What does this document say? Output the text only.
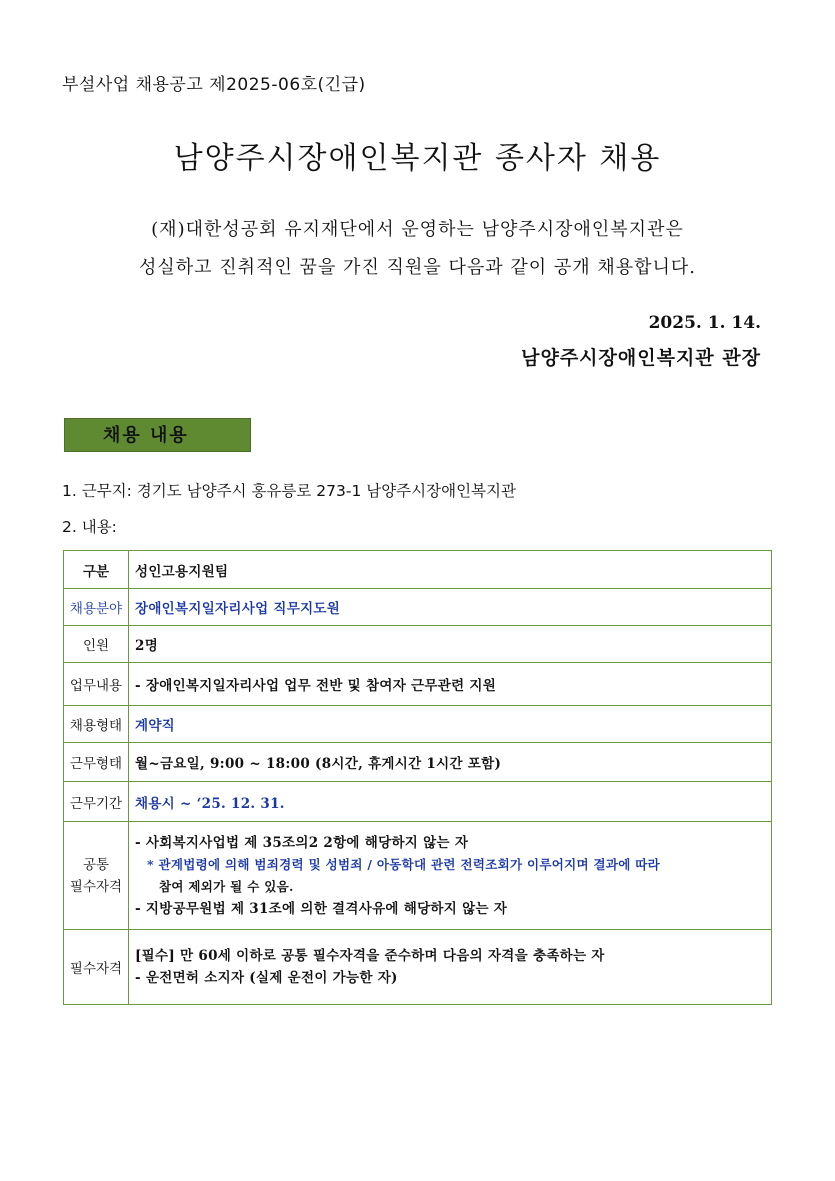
부설사업 채용공고 제2025-06호(긴급)
남양주시장애인복지관 종사자 채용
(재)대한성공회 유지재단에서 운영하는 남양주시장애인복지관은
성실하고 진취적인 꿈을 가진 직원을 다음과 같이 공개 채용합니다.
2025. 1. 14.
남양주시장애인복지관 관장
채용 내용
1. 근무지: 경기도 남양주시 홍유릉로 273-1 남양주시장애인복지관
2. 내용:
구분	성인고용지원팀
채용분야	장애인복지일자리사업 직무지도원
인원	2명
업무내용	- 장애인복지일자리사업 업무 전반 및 참여자 근무관련 지원
채용형태	계약직
근무형태	월~금요일, 9:00 ~ 18:00 (8시간, 휴게시간 1시간 포함)
근무기간	채용시 ~ ‘25. 12. 31.

공통
필수자격	- 사회복지사업법 제 35조의2 2항에 해당하지 않는 자
* 관계법령에 의해 범죄경력 및 성범죄 / 아동학대 관련 전력조회가 이루어지며 결과에 따라
참여 제외가 될 수 있음.
- 지방공무원법 제 31조에 의한 결격사유에 해당하지 않는 자

필수자격	[필수] 만 60세 이하로 공통 필수자격을 준수하며 다음의 자격을 충족하는 자
- 운전면허 소지자 (실제 운전이 가능한 자)
